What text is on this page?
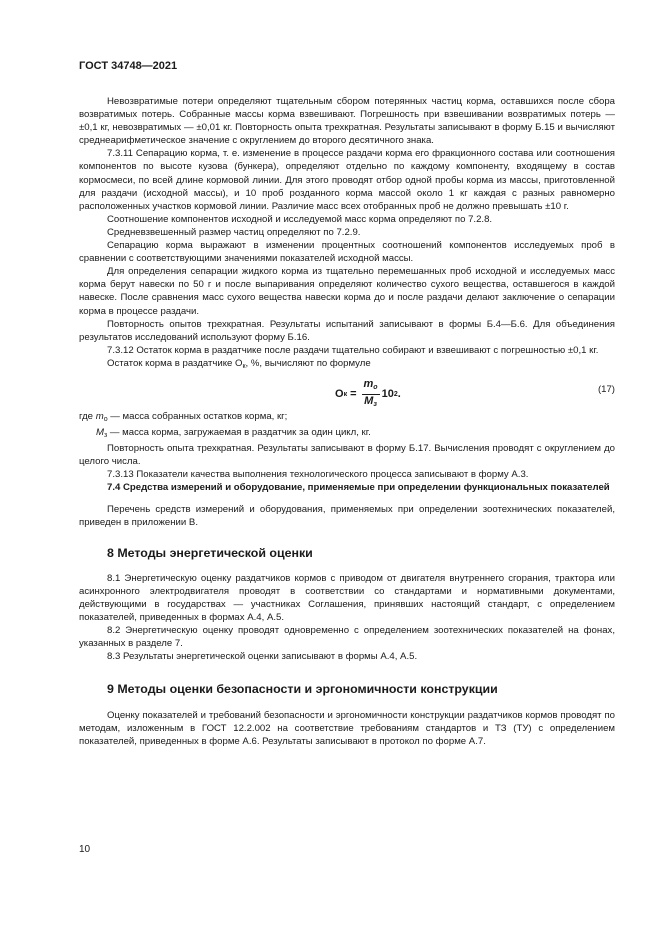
ГОСТ 34748—2021

Невозвратимые потери определяют тщательным сбором потерянных частиц корма, оставшихся после сбора возвратимых потерь. Собранные массы корма взвешивают. Погрешность при взвешивании возвратимых потерь — ±0,1 кг, невозвратимых — ±0,01 кг. Повторность опыта трехкратная. Результаты записывают в форму Б.15 и вычисляют среднеарифметическое значение с округлением до второго десятичного знака.

7.3.11 Сепарацию корма, т. е. изменение в процессе раздачи корма его фракционного состава или соотношения компонентов по высоте кузова (бункера), определяют отдельно по каждому компоненту, входящему в состав кормосмеси, по всей длине кормовой линии. Для этого проводят отбор одной пробы корма из массы, приготовленной для раздачи (исходной массы), и 10 проб розданного корма массой около 1 кг каждая с разных равномерно расположенных участков кормовой линии. Различие масс всех отобранных проб не должно превышать ±10 г.

Соотношение компонентов исходной и исследуемой масс корма определяют по 7.2.8.

Средневзвешенный размер частиц определяют по 7.2.9.

Сепарацию корма выражают в изменении процентных соотношений компонентов исследуемых проб в сравнении с соответствующими значениями показателей исходной массы.

Для определения сепарации жидкого корма из тщательно перемешанных проб исходной и исследуемых масс корма берут навески по 50 г и после выпаривания определяют количество сухого вещества, оставшегося в каждой навеске. После сравнения масс сухого вещества навески корма до и после раздачи делают заключение о сепарации корма в процессе раздачи.

Повторность опытов трехкратная. Результаты испытаний записывают в формы Б.4—Б.6. Для объединения результатов исследований используют форму Б.16.

7.3.12 Остаток корма в раздатчике после раздачи тщательно собирают и взвешивают с погрешностью ±0,1 кг.

Остаток корма в раздатчике $О_к$, %, вычисляют по формуле

О $к = \frac{m_о}{M_з} 10$ 2 .	(17)
где $m_о$ — масса собранных остатков корма, кг;
$M_з$ — масса корма, загружаемая в раздатчик за один цикл, кг.

Повторность опыта трехкратная. Результаты записывают в форму Б.17. Вычисления проводят с округлением до целого числа.

7.3.13 Показатели качества выполнения технологического процесса записывают в форму А.3.

7.4 Средства измерений и оборудование, применяемые при определении функциональных показателей

Перечень средств измерений и оборудования, применяемых при определении зоотехнических показателей, приведен в приложении В.

8 Методы энергетической оценки

8.1 Энергетическую оценку раздатчиков кормов с приводом от двигателя внутреннего сгорания, трактора или асинхронного электродвигателя проводят в соответствии со стандартами и нормативными документами, действующими в государствах — участниках Соглашения, принявших настоящий стандарт, с определением показателей, приведенных в формах А.4, А.5.

8.2 Энергетическую оценку проводят одновременно с определением зоотехнических показателей на фонах, указанных в разделе 7.

8.3 Результаты энергетической оценки записывают в формы А.4, А.5.

9 Методы оценки безопасности и эргономичности конструкции

Оценку показателей и требований безопасности и эргономичности конструкции раздатчиков кормов проводят по методам, изложенным в ГОСТ 12.2.002 на соответствие требованиям стандартов и ТЗ (ТУ) с определением показателей, приведенных в форме А.6. Результаты записывают в протокол по форме А.7.

10
